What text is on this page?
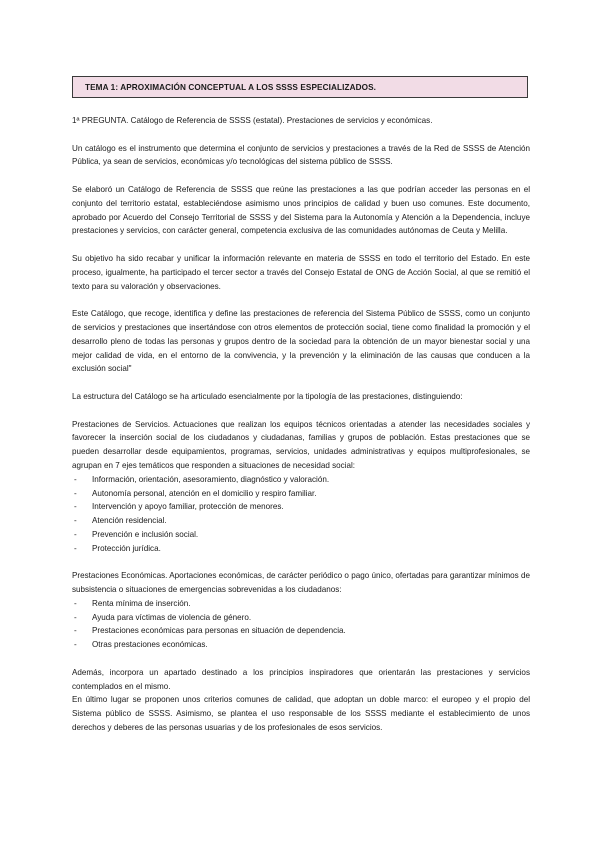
TEMA 1: APROXIMACIÓN CONCEPTUAL A LOS SSSS ESPECIALIZADOS.

1ª PREGUNTA. Catálogo de Referencia de SSSS (estatal). Prestaciones de servicios y económicas.

Un catálogo es el instrumento que determina el conjunto de servicios y prestaciones a través de la Red de SSSS de Atención Pública, ya sean de servicios, económicas y/o tecnológicas del sistema público de SSSS.

Se elaboró un Catálogo de Referencia de SSSS que reúne las prestaciones a las que podrían acceder las personas en el conjunto del territorio estatal, estableciéndose asimismo unos principios de calidad y buen uso comunes. Este documento, aprobado por Acuerdo del Consejo Territorial de SSSS y del Sistema para la Autonomía y Atención a la Dependencia, incluye prestaciones y servicios, con carácter general, competencia exclusiva de las comunidades autónomas de Ceuta y Melilla.

Su objetivo ha sido recabar y unificar la información relevante en materia de SSSS en todo el territorio del Estado. En este proceso, igualmente, ha participado el tercer sector a través del Consejo Estatal de ONG de Acción Social, al que se remitió el texto para su valoración y observaciones.

Este Catálogo, que recoge, identifica y define las prestaciones de referencia del Sistema Público de SSSS, como un conjunto de servicios y prestaciones que insertándose con otros elementos de protección social, tiene como finalidad la promoción y el desarrollo pleno de todas las personas y grupos dentro de la sociedad para la obtención de un mayor bienestar social y una mejor calidad de vida, en el entorno de la convivencia, y la prevención y la eliminación de las causas que conducen a la exclusión social"

La estructura del Catálogo se ha articulado esencialmente por la tipología de las prestaciones, distinguiendo:

Prestaciones de Servicios. Actuaciones que realizan los equipos técnicos orientadas a atender las necesidades sociales y favorecer la inserción social de los ciudadanos y ciudadanas, familias y grupos de población. Estas prestaciones que se pueden desarrollar desde equipamientos, programas, servicios, unidades administrativas y equipos multiprofesionales, se agrupan en 7 ejes temáticos que responden a situaciones de necesidad social:

- Información, orientación, asesoramiento, diagnóstico y valoración.
- Autonomía personal, atención en el domicilio y respiro familiar.
- Intervención y apoyo familiar, protección de menores.
- Atención residencial.
- Prevención e inclusión social.
- Protección jurídica.

Prestaciones Económicas. Aportaciones económicas, de carácter periódico o pago único, ofertadas para garantizar mínimos de subsistencia o situaciones de emergencias sobrevenidas a los ciudadanos:

- Renta mínima de inserción.
- Ayuda para víctimas de violencia de género.
- Prestaciones económicas para personas en situación de dependencia.
- Otras prestaciones económicas.

Además, incorpora un apartado destinado a los principios inspiradores que orientarán las prestaciones y servicios contemplados en el mismo.

En último lugar se proponen unos criterios comunes de calidad, que adoptan un doble marco: el europeo y el propio del Sistema público de SSSS. Asimismo, se plantea el uso responsable de los SSSS mediante el establecimiento de unos derechos y deberes de las personas usuarias y de los profesionales de esos servicios.
